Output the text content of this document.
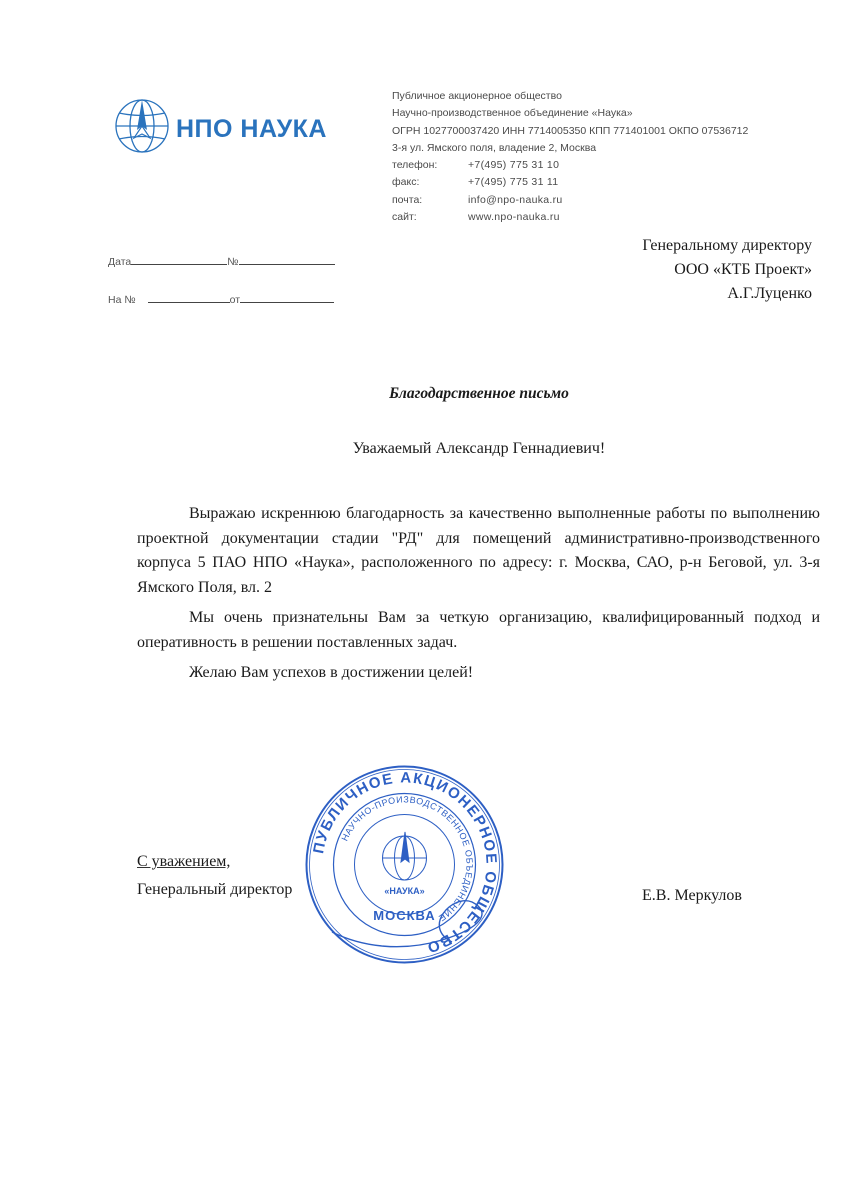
НПО НАУКА
Публичное акционерное общество
Научно-производственное объединение «Наука»
ОГРН 1027700037420 ИНН 7714005350 КПП 771401001 ОКПО 07536712
3-я ул. Ямского поля, владение 2, Москва
телефон:	+7(495) 775 31 10
факс:	+7(495) 775 31 11
почта:	info@npo-nauka.ru
сайт:	www.npo-nauka.ru
Дата	№
На №	от
Генеральному директору
ООО «КТБ Проект»
А.Г.Луценко
Благодарственное письмо
Уважаемый Александр Геннадиевич!

Выражаю искреннюю благодарность за качественно выполненные работы по выполнению проектной документации стадии "РД" для помещений административно-производственного корпуса 5 ПАО НПО «Наука», расположенного по адресу: г. Москва, САО, р-н Беговой, ул. 3-я Ямского Поля, вл. 2

Мы очень признательны Вам за четкую организацию, квалифицированный подход и оперативность в решении поставленных задач.

Желаю Вам успехов в достижении целей!

ПУБЛИЧНОЕ АКЦИОНЕРНОЕ ОБЩЕСТВО
НАУЧНО-ПРОИЗВОДСТВЕННОЕ ОБЪЕДИНЕНИЕ
«НАУКА»
МОСКВА
С уважением,
Генеральный директор	Е.В. Меркулов
